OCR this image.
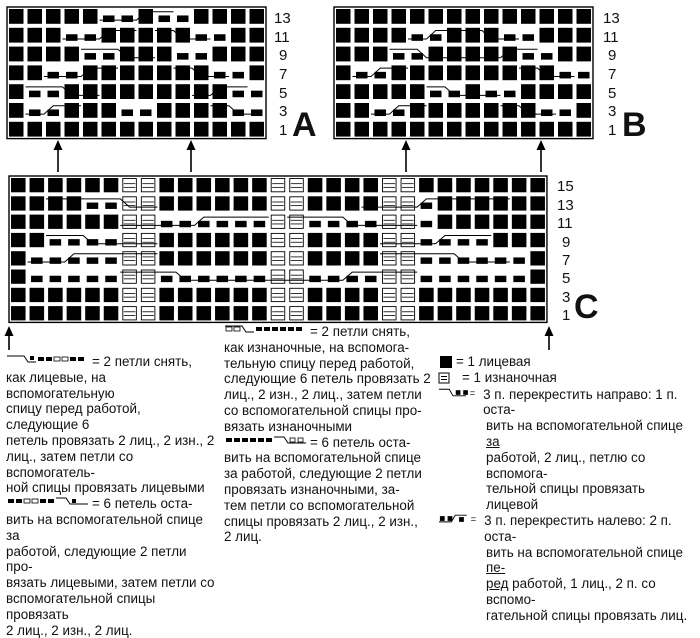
13
11
9
7
5
3
1 A
13
11
9
7
5
3
1 B
15
13
11
9
7
5
3
1 C
= 2 петли снять,
как лицевые, на вспомогательную
спицу перед работой, следующие 6
петель провязать 2 лиц., 2 изн., 2
лиц., затем петли со вспомогатель-
ной спицы провязать лицевыми
= 6 петель оста-
вить на вспомогательной спице за
работой, следующие 2 петли про-
вязать лицевыми, затем петли со
вспомогательной спицы провязать
2 лиц., 2 изн., 2 лиц.
= 2 петли снять,
как изнаночные, на вспомога-
тельную спицу перед работой,
следующие 6 петель провязать 2
лиц., 2 изн., 2 лиц., затем петли
со вспомогательной спицы про-
вязать изнаночными
= 6 петель оста-
вить на вспомогательной спице
за работой, следующие 2 петли
провязать изнаночными, за-
тем петли со вспомогательной
спицы провязать 2 лиц., 2 изн.,
2 лиц.
= 1 лицевая
= 1 изнаночная
= 3 п. перекрестить направо: 1 п. оста-
вить на вспомогательной спице за
работой, 2 лиц., петлю со вспомога-
тельной спицы провязать лицевой
= 3 п. перекрестить налево: 2 п. оста-
вить на вспомогательной спице пе-
ред работой, 1 лиц., 2 п. со вспомо-
гательной спицы провязать лиц.
